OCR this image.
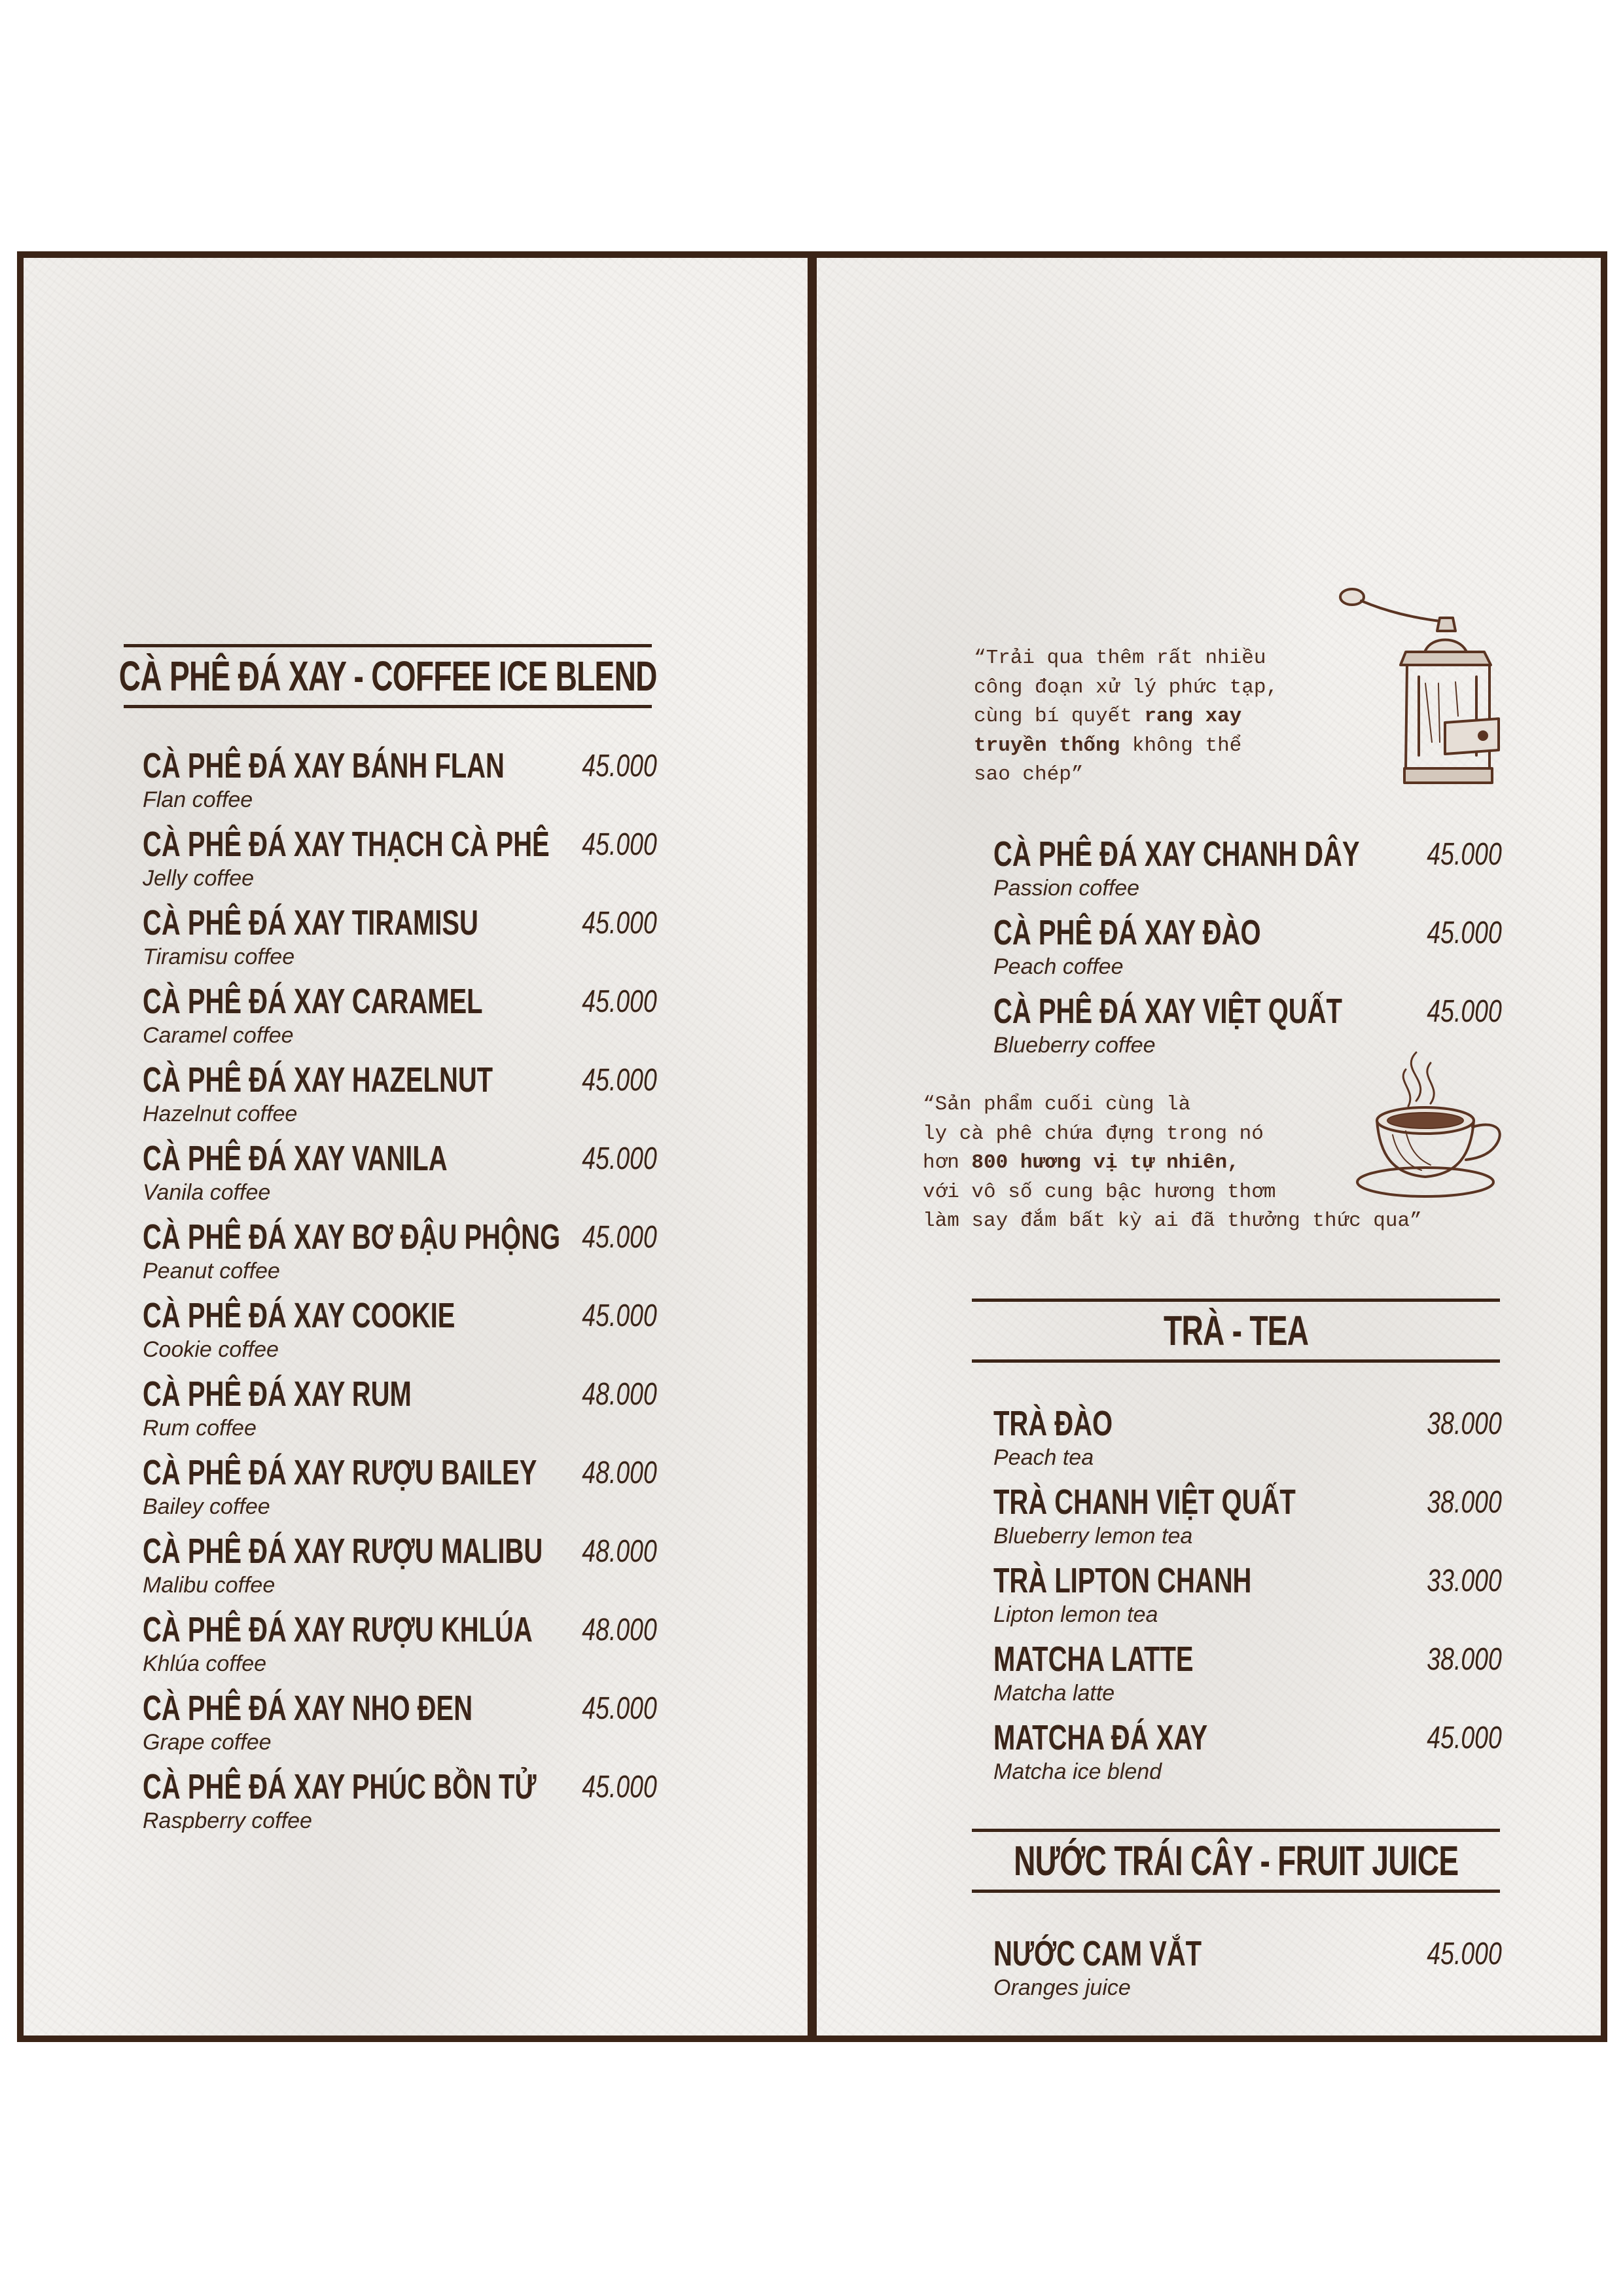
CÀ PHÊ ĐÁ XAY - COFFEE ICE BLEND
CÀ PHÊ ĐÁ XAY BÁNH FLAN
Flan coffee
45.000
CÀ PHÊ ĐÁ XAY THẠCH CÀ PHÊ
Jelly coffee
45.000
CÀ PHÊ ĐÁ XAY TIRAMISU
Tiramisu coffee
45.000
CÀ PHÊ ĐÁ XAY CARAMEL
Caramel coffee
45.000
CÀ PHÊ ĐÁ XAY HAZELNUT
Hazelnut coffee
45.000
CÀ PHÊ ĐÁ XAY VANILA
Vanila coffee
45.000
CÀ PHÊ ĐÁ XAY BƠ ĐẬU PHỘNG
Peanut coffee
45.000
CÀ PHÊ ĐÁ XAY COOKIE
Cookie coffee
45.000
CÀ PHÊ ĐÁ XAY RUM
Rum coffee
48.000
CÀ PHÊ ĐÁ XAY RƯỢU BAILEY
Bailey coffee
48.000
CÀ PHÊ ĐÁ XAY RƯỢU MALIBU
Malibu coffee
48.000
CÀ PHÊ ĐÁ XAY RƯỢU KHLÚA
Khlúa coffee
48.000
CÀ PHÊ ĐÁ XAY NHO ĐEN
Grape coffee
45.000
CÀ PHÊ ĐÁ XAY PHÚC BỒN TỬ
Raspberry coffee
45.000
“Trải qua thêm rất nhiều
công đoạn xử lý phức tạp,
cùng bí quyết rang xay
truyền thống không thể
sao chép”
CÀ PHÊ ĐÁ XAY CHANH DÂY
Passion coffee
45.000
CÀ PHÊ ĐÁ XAY ĐÀO
Peach coffee
45.000
CÀ PHÊ ĐÁ XAY VIỆT QUẤT
Blueberry coffee
45.000
“Sản phẩm cuối cùng là
ly cà phê chứa đựng trong nó
hơn 800 hương vị tự nhiên,
với vô số cung bậc hương thơm
làm say đắm bất kỳ ai đã thưởng thức qua”
TRÀ - TEA
TRÀ ĐÀO
Peach tea
38.000
TRÀ CHANH VIỆT QUẤT
Blueberry lemon tea
38.000
TRÀ LIPTON CHANH
Lipton lemon tea
33.000
MATCHA LATTE
Matcha latte
38.000
MATCHA ĐÁ XAY
Matcha ice blend
45.000
NƯỚC TRÁI CÂY - FRUIT JUICE
NƯỚC CAM VẮT
Oranges juice
45.000
